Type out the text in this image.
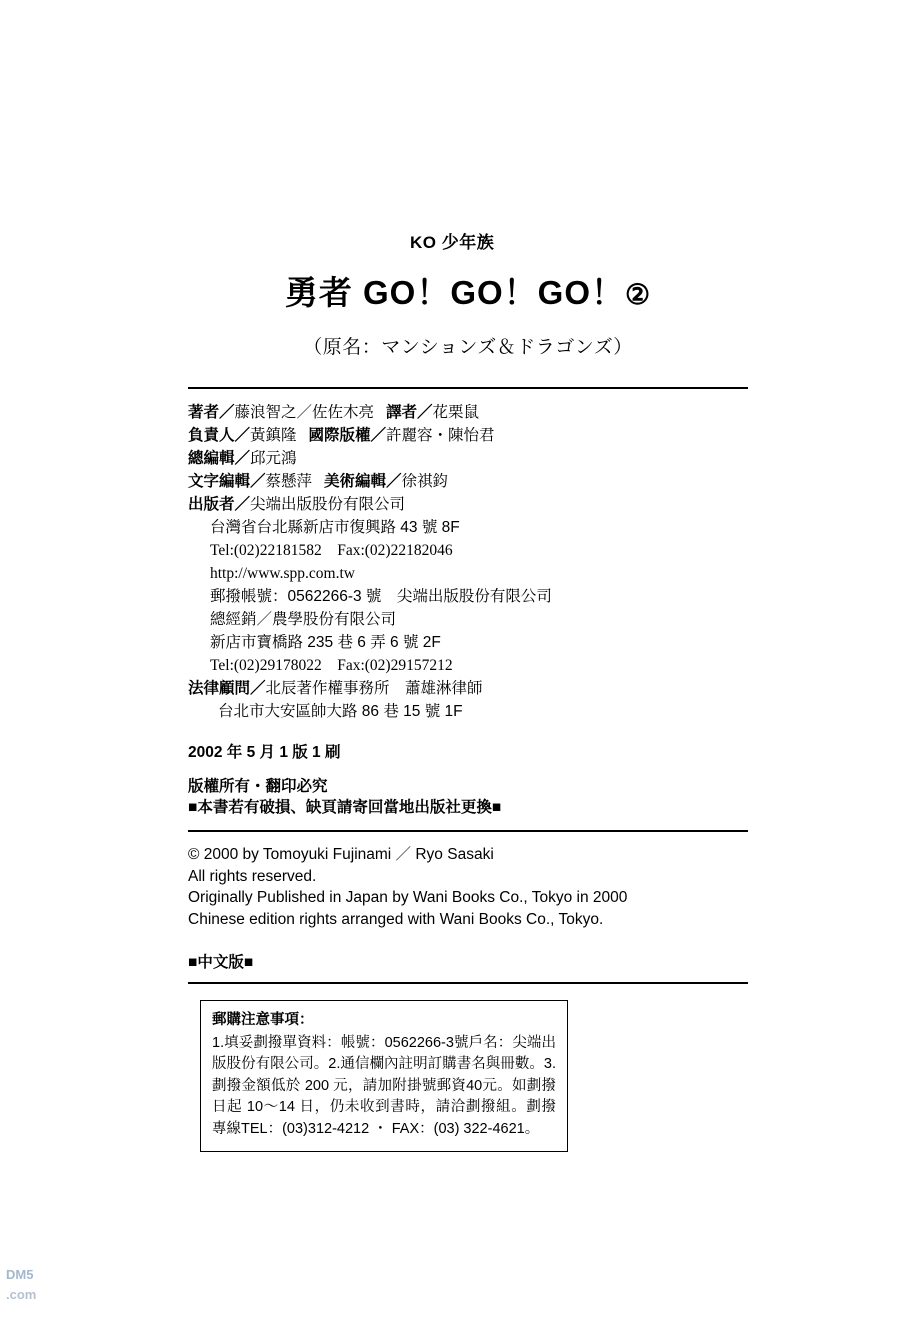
KO 少年族
勇者 GO！GO！GO！②
（原名：マンションズ＆ドラゴンズ）
著者／藤浪智之／佐佐木亮 譯者／花栗鼠
負責人／黃鎮隆 國際版權／許麗容・陳怡君
總編輯／邱元鴻
文字編輯／蔡懸萍 美術編輯／徐祺鈞
出版者／尖端出版股份有限公司
台灣省台北縣新店市復興路 43 號 8F
Tel:(02)22181582　Fax:(02)22182046
http://www.spp.com.tw
郵撥帳號：0562266-3 號　尖端出版股份有限公司
總經銷／農學股份有限公司
新店市寶橋路 235 巷 6 弄 6 號 2F
Tel:(02)29178022　Fax:(02)29157212
法律顧問／北辰著作權事務所　蕭雄淋律師
台北市大安區帥大路 86 巷 15 號 1F
2002 年 5 月 1 版 1 刷
版權所有・翻印必究
■本書若有破損、缺頁請寄回當地出版社更換■
© 2000 by Tomoyuki Fujinami ／ Ryo Sasaki
All rights reserved.
Originally Published in Japan by Wani Books Co., Tokyo in 2000
Chinese edition rights arranged with Wani Books Co., Tokyo.
■中文版■
郵購注意事項：
1.填妥劃撥單資料：帳號：0562266-3號戶名：尖端出版股份有限公司。2.通信欄內註明訂購書名與冊數。3.劃撥金額低於 200 元，請加附掛號郵資40元。如劃撥日起 10～14 日，仍未收到書時，請洽劃撥組。劃撥專線TEL：(03)312-4212 ・ FAX：(03) 322-4621。
DM5
.com
